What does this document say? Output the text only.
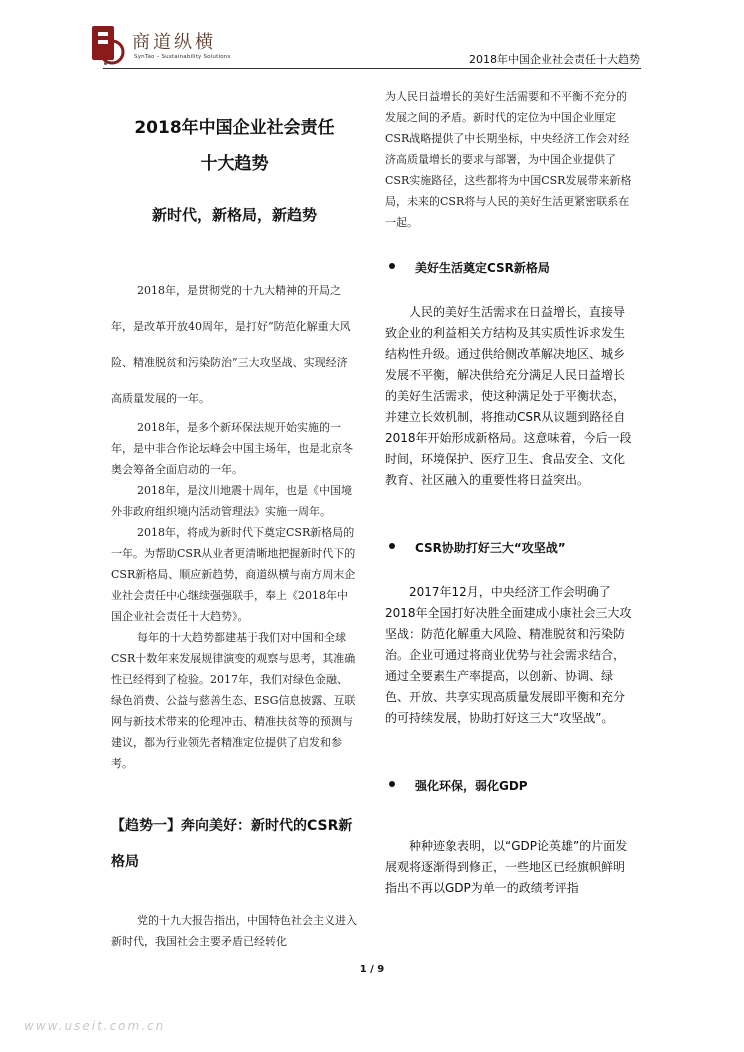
商道纵横
SynTao – Sustainability Solutions	2018年中国企业社会责任十大趋势
2018年中国企业社会责任
十大趋势
新时代，新格局，新趋势

2018年，是贯彻党的十九大精神的开局之年，是改革开放40周年，是打好“防范化解重大风险、精准脱贫和污染防治”三大攻坚战、实现经济高质量发展的一年。

2018年，是多个新环保法规开始实施的一年，是中非合作论坛峰会中国主场年，也是北京冬奥会筹备全面启动的一年。

2018年，是汶川地震十周年，也是《中国境外非政府组织境内活动管理法》实施一周年。

2018年，将成为新时代下奠定CSR新格局的一年。为帮助CSR从业者更清晰地把握新时代下的CSR新格局、顺应新趋势，商道纵横与南方周末企业社会责任中心继续强强联手，奉上《2018年中国企业社会责任十大趋势》。

每年的十大趋势都建基于我们对中国和全球CSR十数年来发展规律演变的观察与思考，其准确性已经得到了检验。2017年，我们对绿色金融、绿色消费、公益与慈善生态、ESG信息披露、互联网与新技术带来的伦理冲击、精准扶贫等的预测与建议，都为行业领先者精准定位提供了启发和参考。

【趋势一】奔向美好：新时代的CSR新格局

党的十九大报告指出，中国特色社会主义进入新时代，我国社会主要矛盾已经转化

为人民日益增长的美好生活需要和不平衡不充分的发展之间的矛盾。新时代的定位为中国企业厘定CSR战略提供了中长期坐标，中央经济工作会对经济高质量增长的要求与部署，为中国企业提供了CSR实施路径，这些都将为中国CSR发展带来新格局，未来的CSR将与人民的美好生活更紧密联系在一起。

美好生活奠定CSR新格局

人民的美好生活需求在日益增长，直接导致企业的利益相关方结构及其实质性诉求发生结构性升级。通过供给侧改革解决地区、城乡发展不平衡，解决供给充分满足人民日益增长的美好生活需求，使这种满足处于平衡状态，并建立长效机制，将推动CSR从议题到路径自2018年开始形成新格局。这意味着，今后一段时间，环境保护、医疗卫生、食品安全、文化教育、社区融入的重要性将日益突出。

CSR协助打好三大“攻坚战”

2017年12月，中央经济工作会明确了2018年全国打好决胜全面建成小康社会三大攻坚战：防范化解重大风险、精准脱贫和污染防治。企业可通过将商业优势与社会需求结合，通过全要素生产率提高，以创新、协调、绿色、开放、共享实现高质量发展即平衡和充分的可持续发展，协助打好这三大“攻坚战”。

强化环保，弱化GDP

种种迹象表明，以“GDP论英雄”的片面发展观将逐渐得到修正，一些地区已经旗帜鲜明指出不再以GDP为单一的政绩考评指

1 / 9
www.useit.com.cn
